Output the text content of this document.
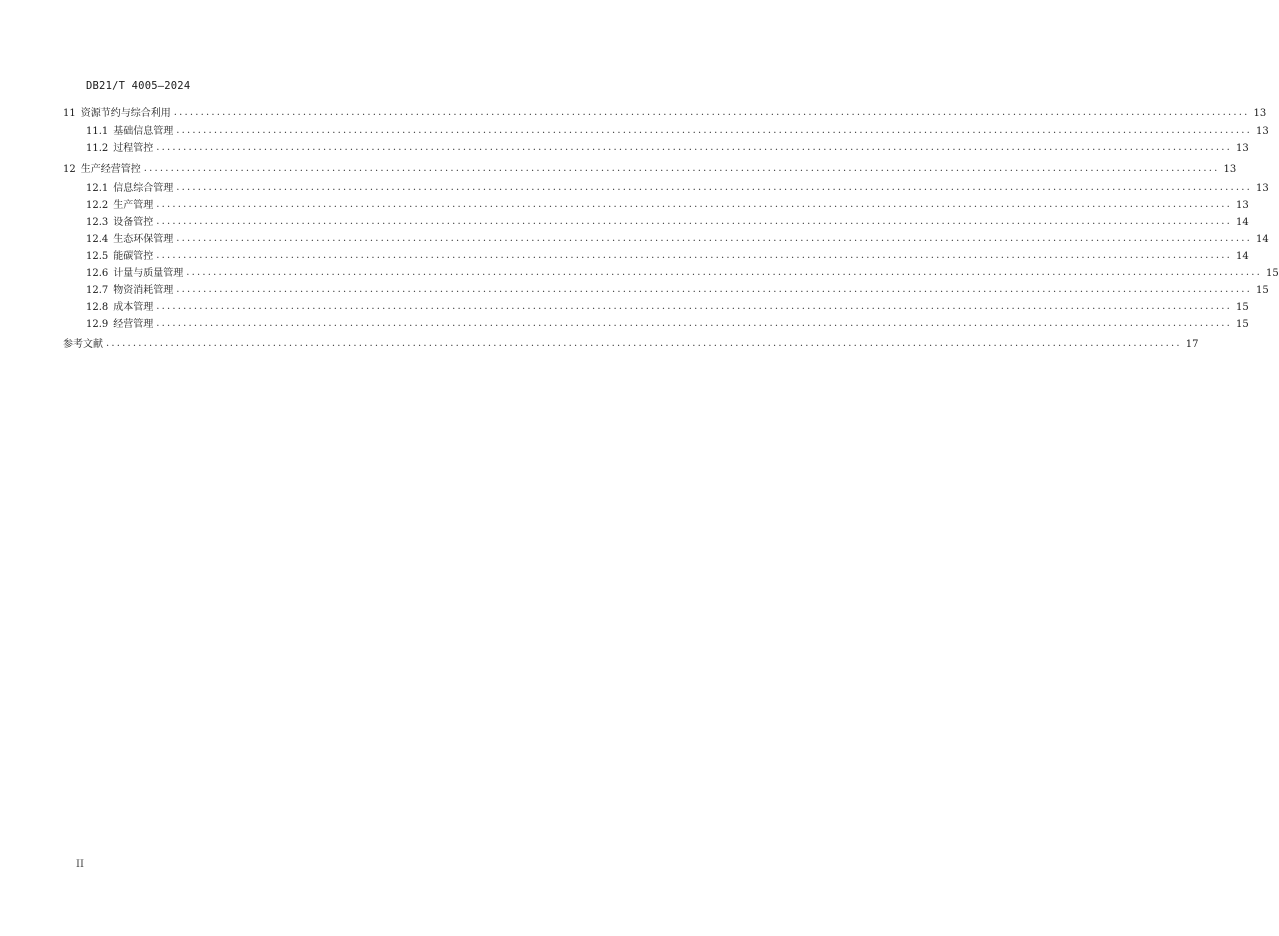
DB21/T 4005—2024
11 资源节约与综合利用 ........................................................................................................................................................................................................ 13
11.1 基础信息管理 ........................................................................................................................................................................................................ 13
11.2 过程管控 ........................................................................................................................................................................................................ 13
12 生产经营管控 ........................................................................................................................................................................................................ 13
12.1 信息综合管理 ........................................................................................................................................................................................................ 13
12.2 生产管理 ........................................................................................................................................................................................................ 13
12.3 设备管控 ........................................................................................................................................................................................................ 14
12.4 生态环保管理 ........................................................................................................................................................................................................ 14
12.5 能碳管控 ........................................................................................................................................................................................................ 14
12.6 计量与质量管理 ........................................................................................................................................................................................................ 15
12.7 物资消耗管理 ........................................................................................................................................................................................................ 15
12.8 成本管理 ........................................................................................................................................................................................................ 15
12.9 经营管理 ........................................................................................................................................................................................................ 15
参考文献 ........................................................................................................................................................................................................ 17
II
